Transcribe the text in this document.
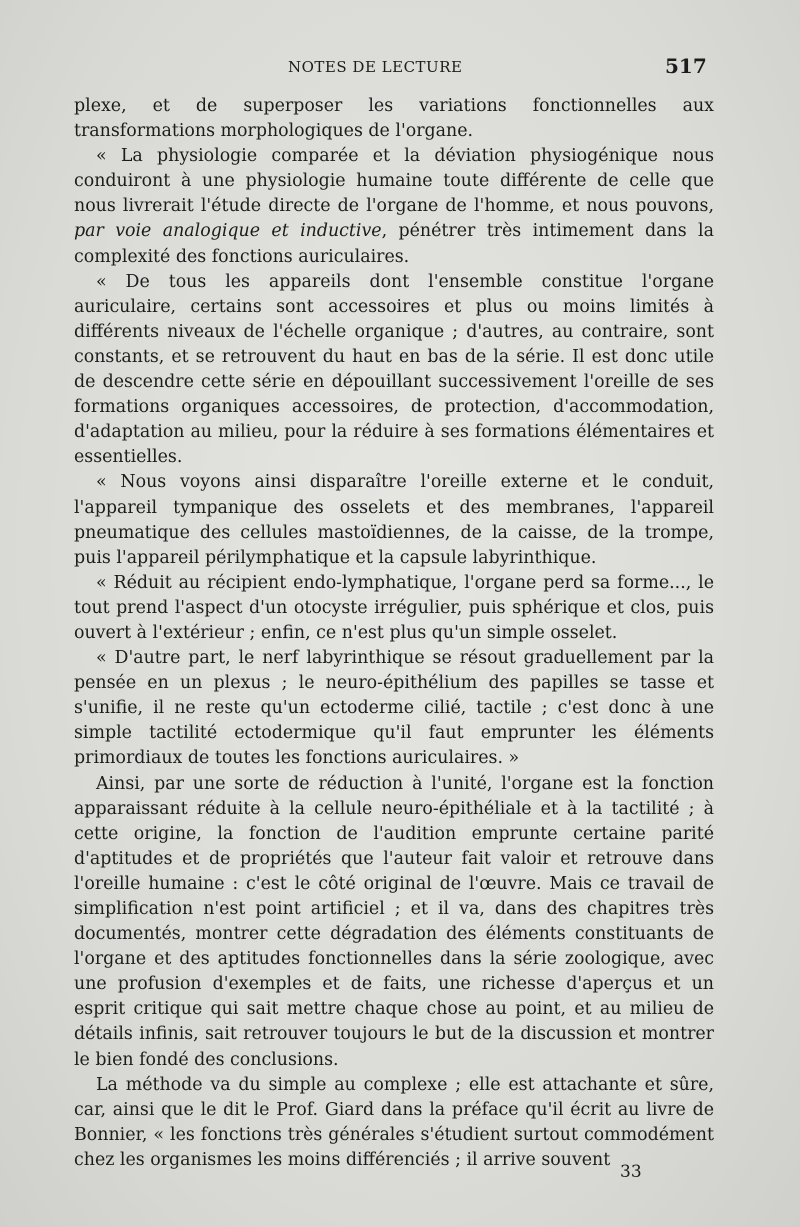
NOTES DE LECTURE	517

plexe, et de superposer les variations fonctionnelles aux transformations morphologiques de l'organe.

« La physiologie comparée et la déviation physiogénique nous conduiront à une physiologie humaine toute différente de celle que nous livrerait l'étude directe de l'organe de l'homme, et nous pouvons, par voie analogique et inductive, pénétrer très intimement dans la complexité des fonctions auriculaires.

« De tous les appareils dont l'ensemble constitue l'organe auriculaire, certains sont accessoires et plus ou moins limités à différents niveaux de l'échelle organique ; d'autres, au contraire, sont constants, et se retrouvent du haut en bas de la série. Il est donc utile de descendre cette série en dépouillant successivement l'oreille de ses formations organiques accessoires, de protection, d'accommodation, d'adaptation au milieu, pour la réduire à ses formations élémentaires et essentielles.

« Nous voyons ainsi disparaître l'oreille externe et le conduit, l'appareil tympanique des osselets et des membranes, l'appareil pneumatique des cellules mastoïdiennes, de la caisse, de la trompe, puis l'appareil périlymphatique et la capsule labyrinthique.

« Réduit au récipient endo-lymphatique, l'organe perd sa forme..., le tout prend l'aspect d'un otocyste irrégulier, puis sphérique et clos, puis ouvert à l'extérieur ; enfin, ce n'est plus qu'un simple osselet.

« D'autre part, le nerf labyrinthique se résout graduellement par la pensée en un plexus ; le neuro-épithélium des papilles se tasse et s'unifie, il ne reste qu'un ectoderme cilié, tactile ; c'est donc à une simple tactilité ectodermique qu'il faut emprunter les éléments primordiaux de toutes les fonctions auriculaires. »

Ainsi, par une sorte de réduction à l'unité, l'organe est la fonction apparaissant réduite à la cellule neuro-épithéliale et à la tactilité ; à cette origine, la fonction de l'audition emprunte certaine parité d'aptitudes et de propriétés que l'auteur fait valoir et retrouve dans l'oreille humaine : c'est le côté original de l'œuvre. Mais ce travail de simplification n'est point artificiel ; et il va, dans des chapitres très documentés, montrer cette dégradation des éléments constituants de l'organe et des aptitudes fonctionnelles dans la série zoologique, avec une profusion d'exemples et de faits, une richesse d'aperçus et un esprit critique qui sait mettre chaque chose au point, et au milieu de détails infinis, sait retrouver toujours le but de la discussion et montrer le bien fondé des conclusions.

La méthode va du simple au complexe ; elle est attachante et sûre, car, ainsi que le dit le Prof. Giard dans la préface qu'il écrit au livre de Bonnier, « les fonctions très générales s'étudient surtout commodément chez les organismes les moins différenciés ; il arrive souvent

33
